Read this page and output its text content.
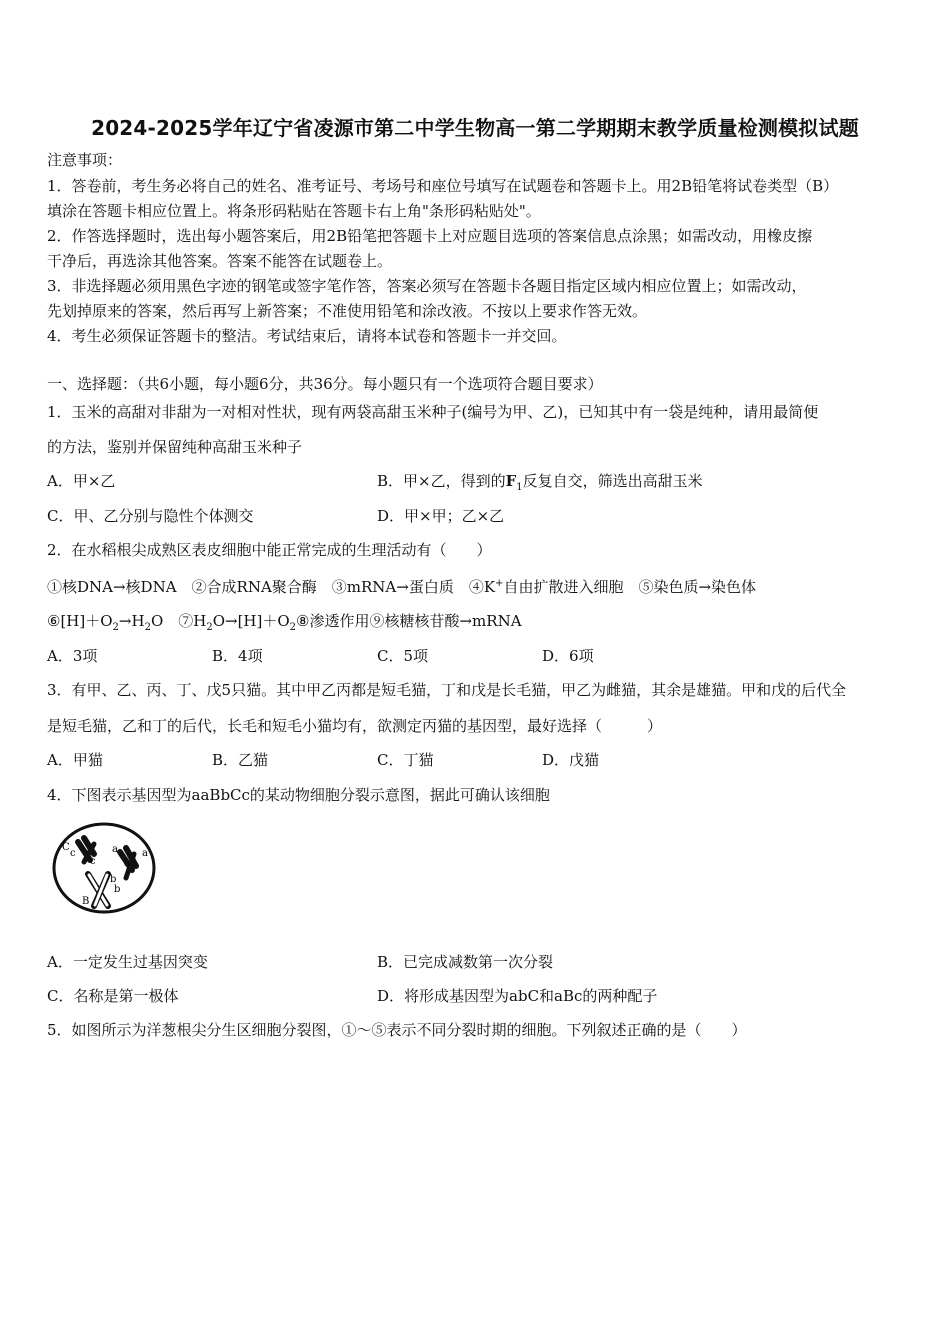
2024-2025学年辽宁省凌源市第二中学生物高一第二学期期末教学质量检测模拟试题
注意事项：
1．答卷前，考生务必将自己的姓名、准考证号、考场号和座位号填写在试题卷和答题卡上。用2B铅笔将试卷类型（B）
填涂在答题卡相应位置上。将条形码粘贴在答题卡右上角"条形码粘贴处"。
2．作答选择题时，选出每小题答案后，用2B铅笔把答题卡上对应题目选项的答案信息点涂黑；如需改动，用橡皮擦
干净后，再选涂其他答案。答案不能答在试题卷上。
3．非选择题必须用黑色字迹的钢笔或签字笔作答，答案必须写在答题卡各题目指定区域内相应位置上；如需改动，
先划掉原来的答案，然后再写上新答案；不准使用铅笔和涂改液。不按以上要求作答无效。
4．考生必须保证答题卡的整洁。考试结束后，请将本试卷和答题卡一并交回。
一、选择题：（共6小题，每小题6分，共36分。每小题只有一个选项符合题目要求）
1．玉米的高甜对非甜为一对相对性状，现有两袋高甜玉米种子(编号为甲、乙)，已知其中有一袋是纯种，请用最简便
的方法，鉴别并保留纯种高甜玉米种子
A．甲×乙	B．甲×乙，得到的$F_1$反复自交，筛选出高甜玉米
C．甲、乙分别与隐性个体测交	D．甲×甲；乙×乙
2．在水稻根尖成熟区表皮细胞中能正常完成的生理活动有（　　）
①核DNA→核DNA　②合成RNA聚合酶　③mRNA→蛋白质　④K+自由扩散进入细胞　⑤染色质→染色体
$⑥[H]+O_2\to H_2O$　$⑦H_2O\to[H]+O_2⑧$渗透作用⑨核糖核苷酸→mRNA
A．3项	B．4项	C．5项	D．6项
3．有甲、乙、丙、丁、戊5只猫。其中甲乙丙都是短毛猫，丁和戊是长毛猫，甲乙为雌猫，其余是雄猫。甲和戊的后代全
是短毛猫，乙和丁的后代，长毛和短毛小猫均有，欲测定丙猫的基因型，最好选择（　　　）
A．甲猫	B．乙猫	C．丁猫	D．戊猫
4．下图表示基因型为aaBbCc的某动物细胞分裂示意图，据此可确认该细胞
C
c
c
a a
a
b
B
b
A．一定发生过基因突变	B．已完成减数第一次分裂
C．名称是第一极体	D．将形成基因型为abC和aBc的两种配子
5．如图所示为洋葱根尖分生区细胞分裂图，①～⑤表示不同分裂时期的细胞。下列叙述正确的是（　　）
